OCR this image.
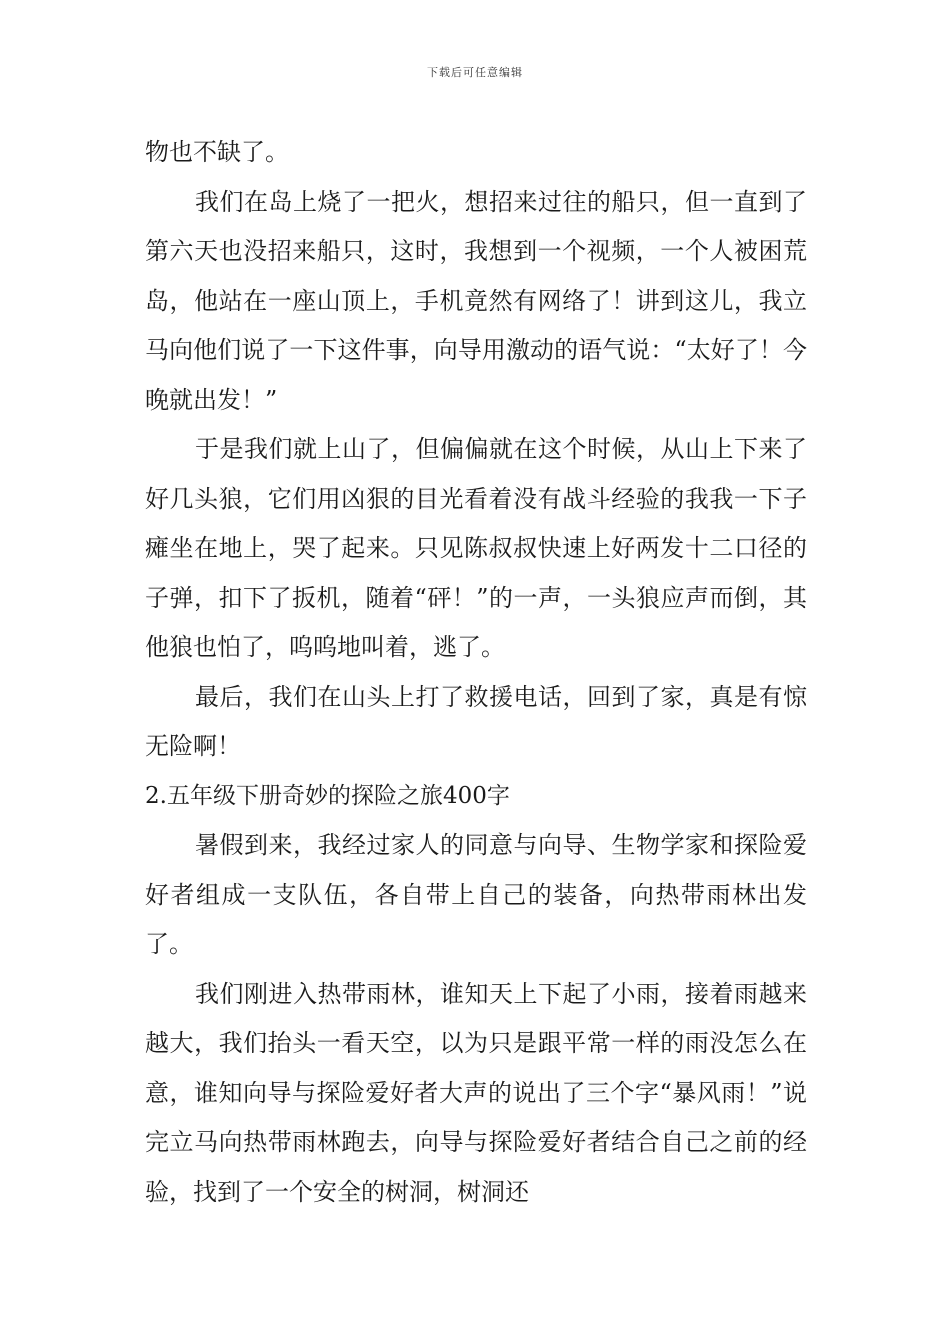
下载后可任意编辑

物也不缺了。

我们在岛上烧了一把火，想招来过往的船只，但一直到了第六天也没招来船只，这时，我想到一个视频，一个人被困荒岛，他站在一座山顶上，手机竟然有网络了！讲到这儿，我立马向他们说了一下这件事，向导用激动的语气说：“太好了！今晚就出发！”

于是我们就上山了，但偏偏就在这个时候，从山上下来了好几头狼，它们用凶狠的目光看着没有战斗经验的我我一下子瘫坐在地上，哭了起来。只见陈叔叔快速上好两发十二口径的子弹，扣下了扳机，随着“砰！”的一声，一头狼应声而倒，其他狼也怕了，呜呜地叫着，逃了。

最后，我们在山头上打了救援电话，回到了家，真是有惊无险啊！

2.五年级下册奇妙的探险之旅400字

暑假到来，我经过家人的同意与向导、生物学家和探险爱好者组成一支队伍，各自带上自己的装备，向热带雨林出发了。

我们刚进入热带雨林，谁知天上下起了小雨，接着雨越来越大，我们抬头一看天空，以为只是跟平常一样的雨没怎么在意，谁知向导与探险爱好者大声的说出了三个字“暴风雨！”说完立马向热带雨林跑去，向导与探险爱好者结合自己之前的经验，找到了一个安全的树洞，树洞还
